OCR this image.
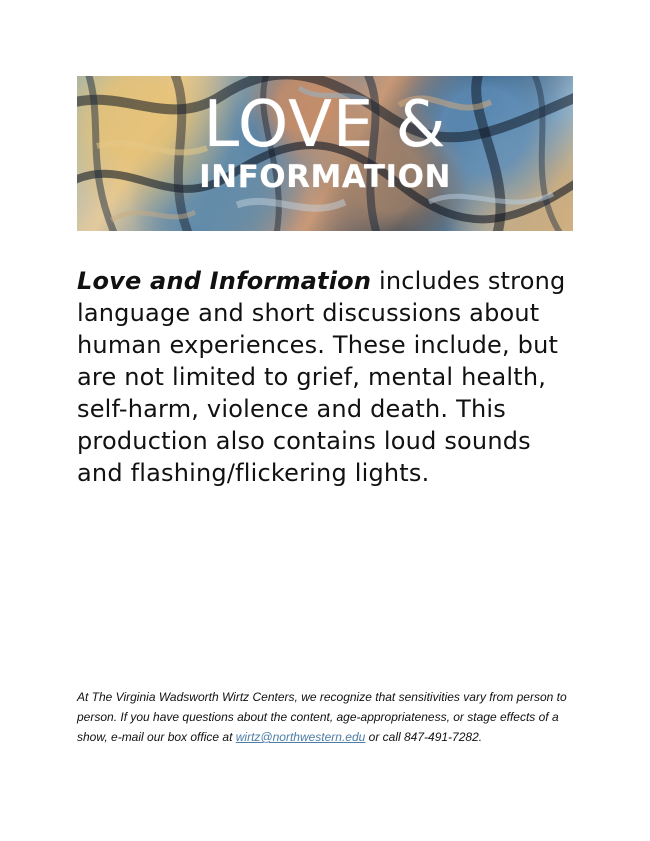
LOVE &
INFORMATION

Love and Information includes strong language and short discussions about human experiences. These include, but are not limited to grief, mental health, self-harm, violence and death. This production also contains loud sounds and flashing/flickering lights.

At The Virginia Wadsworth Wirtz Centers, we recognize that sensitivities vary from person to person. If you have questions about the content, age-appropriateness, or stage effects of a show, e-mail our box office at wirtz@northwestern.edu or call 847-491-7282.
